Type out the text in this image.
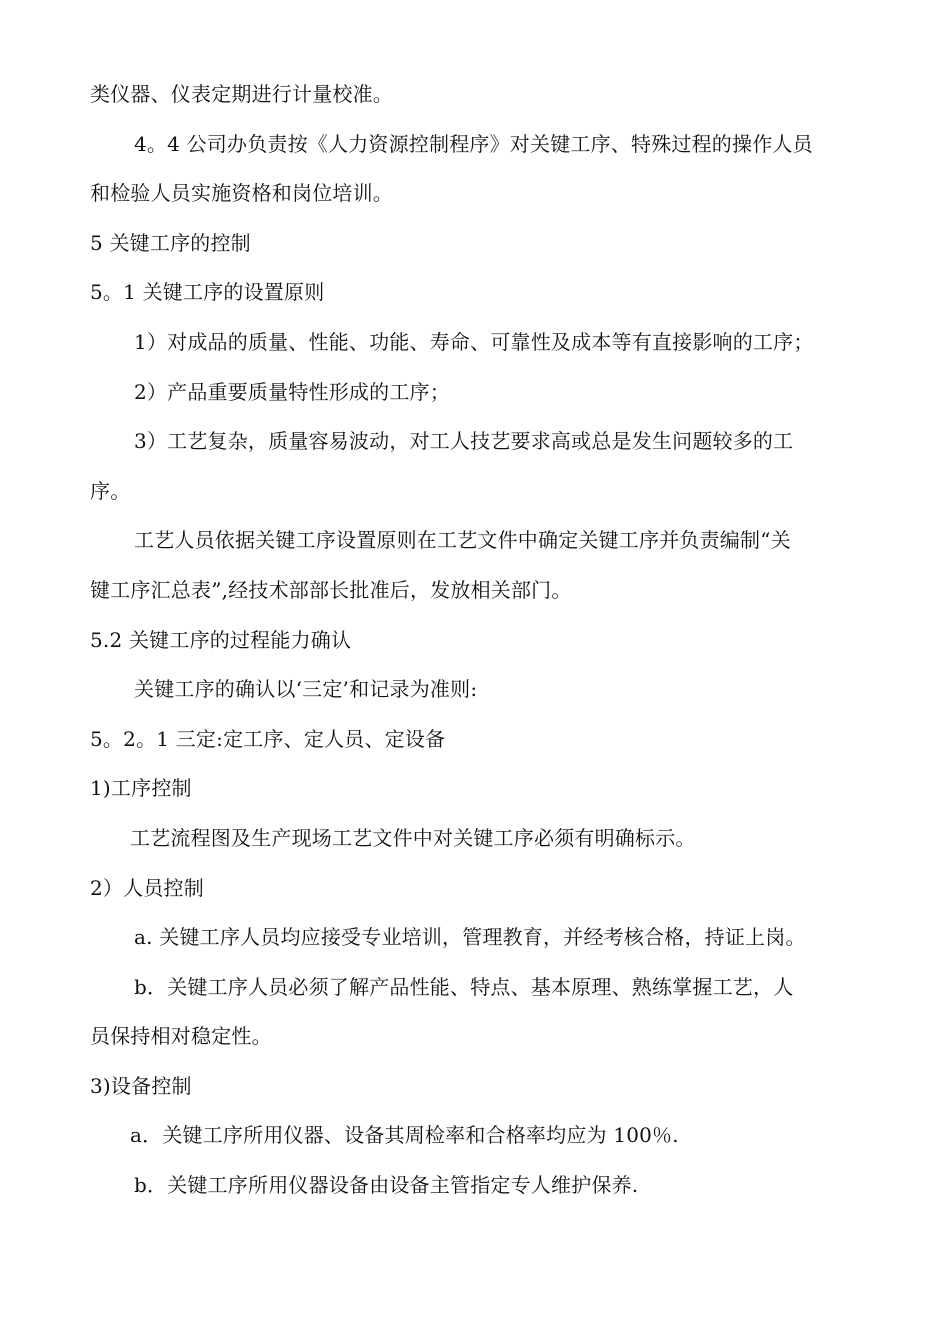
类仪器、仪表定期进行计量校准。
4。4 公司办负责按《人力资源控制程序》对关键工序、特殊过程的操作人员
和检验人员实施资格和岗位培训。
5 关键工序的控制
5。1 关键工序的设置原则
1）对成品的质量、性能、功能、寿命、可靠性及成本等有直接影响的工序；
2）产品重要质量特性形成的工序；
3）工艺复杂，质量容易波动，对工人技艺要求高或总是发生问题较多的工
序。
工艺人员依据关键工序设置原则在工艺文件中确定关键工序并负责编制“关
键工序汇总表”,经技术部部长批准后，发放相关部门。
5.2 关键工序的过程能力确认
关键工序的确认以‘三定’和记录为准则:
5。2。1 三定:定工序、定人员、定设备
1)工序控制
工艺流程图及生产现场工艺文件中对关键工序必须有明确标示。
2）人员控制
a. 关键工序人员均应接受专业培训，管理教育，并经考核合格，持证上岗。
b．关键工序人员必须了解产品性能、特点、基本原理、熟练掌握工艺，人
员保持相对稳定性。
3)设备控制
a．关键工序所用仪器、设备其周检率和合格率均应为 100％.
b．关键工序所用仪器设备由设备主管指定专人维护保养.
